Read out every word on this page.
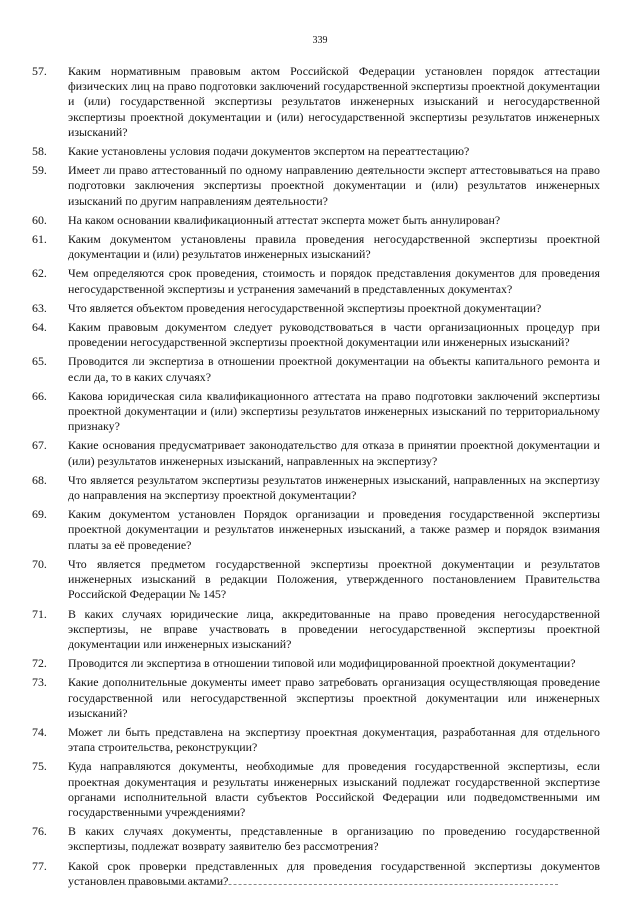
339
57.	Каким нормативным правовым актом Российской Федерации установлен порядок аттестации физических лиц на право подготовки заключений государственной экспертизы проектной документации и (или) государственной экспертизы результатов инженерных изысканий и негосударственной экспертизы проектной документации и (или) негосударственной экспертизы результатов инженерных изысканий?
58.	Какие установлены условия подачи документов экспертом на переаттестацию?
59.	Имеет ли право аттестованный по одному направлению деятельности эксперт аттестовываться на право подготовки заключения экспертизы проектной документации и (или) результатов инженерных изысканий по другим направлениям деятельности?
60.	На каком основании квалификационный аттестат эксперта может быть аннулирован?
61.	Каким документом установлены правила проведения негосударственной экспертизы проектной документации и (или) результатов инженерных изысканий?
62.	Чем определяются срок проведения, стоимость и порядок представления документов для проведения негосударственной экспертизы и устранения замечаний в представленных документах?
63.	Что является объектом проведения негосударственной экспертизы проектной документации?
64.	Каким правовым документом следует руководствоваться в части организационных процедур при проведении негосударственной экспертизы проектной документации или инженерных изысканий?
65.	Проводится ли экспертиза в отношении проектной документации на объекты капитального ремонта и если да, то в каких случаях?
66.	Какова юридическая сила квалификационного аттестата на право подготовки заключений экспертизы проектной документации и (или) экспертизы результатов инженерных изысканий по территориальному признаку?
67.	Какие основания предусматривает законодательство для отказа в принятии проектной документации и (или) результатов инженерных изысканий, направленных на экспертизу?
68.	Что является результатом экспертизы результатов инженерных изысканий, направленных на экспертизу до направления на экспертизу проектной документации?
69.	Каким документом установлен Порядок организации и проведения государственной экспертизы проектной документации и результатов инженерных изысканий, а также размер и порядок взимания платы за её проведение?
70.	Что является предметом государственной экспертизы проектной документации и результатов инженерных изысканий в редакции Положения, утвержденного постановлением Правительства Российской Федерации № 145?
71.	В каких случаях юридические лица, аккредитованные на право проведения негосударственной экспертизы, не вправе участвовать в проведении негосударственной экспертизы проектной документации или инженерных изысканий?
72.	Проводится ли экспертиза в отношении типовой или модифицированной проектной документации?
73.	Какие дополнительные документы имеет право затребовать организация осуществляющая проведение государственной или негосударственной экспертизы проектной документации или инженерных изысканий?
74.	Может ли быть представлена на экспертизу проектная документация, разработанная для отдельного этапа строительства, реконструкции?
75.	Куда направляются документы, необходимые для проведения государственной экспертизы, если проектная документация и результаты инженерных изысканий подлежат государственной экспертизе органами исполнительной власти субъектов Российской Федерации или подведомственными им государственными учреждениями?
76.	В каких случаях документы, представленные в организацию по проведению государственной экспертизы, подлежат возврату заявителю без рассмотрения?
77.	Какой срок проверки представленных для проведения государственной экспертизы документов установлен правовыми актами?
